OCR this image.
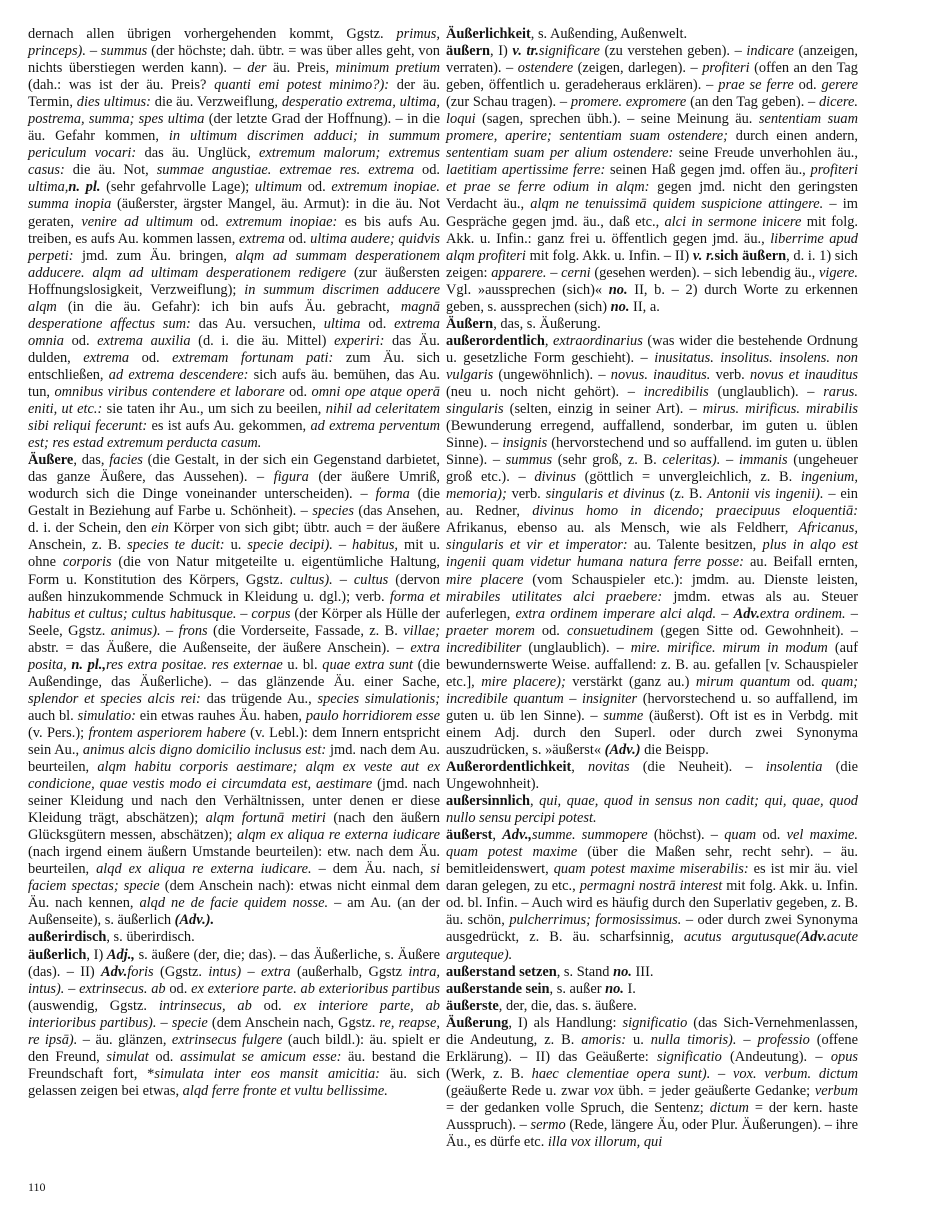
dernach allen übrigen vorhergehenden kommt, Ggstz. primus, princeps). – summus (der höchste; dah. übtr. = was über alles geht, von nichts überstiegen werden kann). – der äu. Preis, minimum pretium (dah.: was ist der äu. Preis? quanti emi potest minimo?): der äu. Termin, dies ultimus: die äu. Verzweiflung, desperatio extrema, ultima, postrema, summa; spes ultima (der letzte Grad der Hoffnung). – in die äu. Gefahr kommen, in ultimum discrimen adduci; in summum periculum vocari: das äu. Unglück, extremum malorum; extremus casus: die äu. Not, summae angustiae. extremae res. extrema od. ultima,n. pl. (sehr gefahrvolle Lage); ultimum od. extremum inopiae. summa inopia (äußerster, ärgster Mangel, äu. Armut): in die äu. Not geraten, venire ad ultimum od. extremum inopiae: es bis aufs Au. treiben, es aufs Au. kommen lassen, extrema od. ultima audere; quidvis perpeti: jmd. zum Äu. bringen, alqm ad summam desperationem adducere. alqm ad ultimam desperationem redigere (zur äußersten Hoffnungslosigkeit, Verzweiflung); in summum discrimen adducere alqm (in die äu. Gefahr): ich bin aufs Äu. gebracht, magnā desperatione affectus sum: das Au. versuchen, ultima od. extrema omnia od. extrema auxilia (d. i. die äu. Mittel) experiri: das Äu. dulden, extrema od. extremam fortunam pati: zum Äu. sich entschließen, ad extrema descendere: sich aufs äu. bemühen, das Au. tun, omnibus viribus contendere et laborare od. omni ope atque operā eniti, ut etc.: sie taten ihr Au., um sich zu beeilen, nihil ad celeritatem sibi reliqui fecerunt: es ist aufs Au. gekommen, ad extrema perventum est; res estad extremum perducta casum.

Äußere, das, facies (die Gestalt, in der sich ein Gegenstand darbietet, das ganze Äußere, das Aussehen). – figura (der äußere Umriß, wodurch sich die Dinge voneinander unterscheiden). – forma (die Gestalt in Beziehung auf Farbe u. Schönheit). – species (das Ansehen, d. i. der Schein, den ein Körper von sich gibt; übtr. auch = der äußere Anschein, z. B. species te ducit: u. specie decipi). – habitus, mit u. ohne corporis (die von Natur mitgeteilte u. eigentümliche Haltung, Form u. Konstitution des Körpers, Ggstz. cultus). – cultus (dervon außen hinzukommende Schmuck in Kleidung u. dgl.); verb. forma et habitus et cultus; cultus habitusque. – corpus (der Körper als Hülle der Seele, Ggstz. animus). – frons (die Vorderseite, Fassade, z. B. villae; abstr. = das Äußere, die Außenseite, der äußere Anschein). – extra posita, n. pl.,res extra positae. res externae u. bl. quae extra sunt (die Außendinge, das Äußerliche). – das glänzende Äu. einer Sache, splendor et species alcis rei: das trügende Au., species simulationis; auch bl. simulatio: ein etwas rauhes Äu. haben, paulo horridiorem esse (v. Pers.); frontem asperiorem habere (v. Lebl.): dem Innern entspricht sein Au., animus alcis digno domicilio inclusus est: jmd. nach dem Au. beurteilen, alqm habitu corporis aestimare; alqm ex veste aut ex condicione, quae vestis modo ei circumdata est, aestimare (jmd. nach seiner Kleidung und nach den Verhältnissen, unter denen er diese Kleidung trägt, abschätzen); alqm fortunā metiri (nach den äußern Glücksgütern messen, abschätzen); alqm ex aliqua re externa iudicare (nach irgend einem äußern Umstande beurteilen): etw. nach dem Äu. beurteilen, alqd ex aliqua re externa iudicare. – dem Äu. nach, si faciem spectas; specie (dem Anschein nach): etwas nicht einmal dem Äu. nach kennen, alqd ne de facie quidem nosse. – am Au. (an der Außenseite), s. äußerlich (Adv.).

außerirdisch, s. überirdisch.

äußerlich, I) Adj., s. äußere (der, die; das). – das Äußerliche, s. Äußere (das). – II) Adv.foris (Ggstz. intus) – extra (außerhalb, Ggstz intra, intus). – extrinsecus. ab od. ex exteriore parte. ab exterioribus partibus (auswendig, Ggstz. intrinsecus, ab od. ex interiore parte, ab interioribus partibus). – specie (dem Anschein nach, Ggstz. re, reapse, re ipsā). – äu. glänzen, extrinsecus fulgere (auch bildl.): äu. spielt er den Freund, simulat od. assimulat se amicum esse: äu. bestand die Freundschaft fort, *simulata inter eos mansit amicitia: äu. sich gelassen zeigen bei etwas, alqd ferre fronte et vultu bellissime.

Äußerlichkeit, s. Außending, Außenwelt.

äußern, I) v. tr.significare (zu verstehen geben). – indicare (anzeigen, verraten). – ostendere (zeigen, darlegen). – profiteri (offen an den Tag geben, öffentlich u. geradeheraus erklären). – prae se ferre od. gerere (zur Schau tragen). – promere. expromere (an den Tag geben). – dicere. loqui (sagen, sprechen übh.). – seine Meinung äu. sententiam suam promere, aperire; sententiam suam ostendere; durch einen andern, sententiam suam per alium ostendere: seine Freude unverhohlen äu., laetitiam apertissime ferre: seinen Haß gegen jmd. offen äu., profiteri et prae se ferre odium in alqm: gegen jmd. nicht den geringsten Verdacht äu., alqm ne tenuissimā quidem suspicione attingere. – im Gespräche gegen jmd. äu., daß etc., alci in sermone inicere mit folg. Akk. u. Infin.: ganz frei u. öffentlich gegen jmd. äu., liberrime apud alqm profiteri mit folg. Akk. u. Infin. – II) v. r.sich äußern, d. i. 1) sich zeigen: apparere. – cerni (gesehen werden). – sich lebendig äu., vigere. Vgl. »aussprechen (sich)« no. II, b. – 2) durch Worte zu erkennen geben, s. aussprechen (sich) no. II, a.

Äußern, das, s. Äußerung.

außerordentlich, extraordinarius (was wider die bestehende Ordnung u. gesetzliche Form geschieht). – inusitatus. insolitus. insolens. non vulgaris (ungewöhnlich). – novus. inauditus. verb. novus et inauditus (neu u. noch nicht gehört). – incredibilis (unglaublich). – rarus. singularis (selten, einzig in seiner Art). – mirus. mirificus. mirabilis (Bewunderung erregend, auffallend, sonderbar, im guten u. üblen Sinne). – insignis (hervorstechend und so auffallend. im guten u. üblen Sinne). – summus (sehr groß, z. B. celeritas). – immanis (ungeheuer groß etc.). – divinus (göttlich = unvergleichlich, z. B. ingenium, memoria); verb. singularis et divinus (z. B. Antonii vis ingenii). – ein au. Redner, divinus homo in dicendo; praecipuus eloquentiā: Afrikanus, ebenso au. als Mensch, wie als Feldherr, Africanus, singularis et vir et imperator: au. Talente besitzen, plus in alqo est ingenii quam videtur humana natura ferre posse: au. Beifall ernten, mire placere (vom Schauspieler etc.): jmdm. au. Dienste leisten, mirabiles utilitates alci praebere: jmdm. etwas als au. Steuer auferlegen, extra ordinem imperare alci alqd. – Adv.extra ordinem. – praeter morem od. consuetudinem (gegen Sitte od. Gewohnheit). – incredibiliter (unglaublich). – mire. mirifice. mirum in modum (auf bewundernswerte Weise. auffallend: z. B. au. gefallen [v. Schauspieler etc.], mire placere); verstärkt (ganz au.) mirum quantum od. quam; incredibile quantum – insigniter (hervorstechend u. so auffallend, im guten u. üb len Sinne). – summe (äußerst). Oft ist es in Verbdg. mit einem Adj. durch den Superl. oder durch zwei Synonyma auszudrücken, s. »äußerst« (Adv.) die Beispp.

Außerordentlichkeit, novitas (die Neuheit). – insolentia (die Ungewohnheit).

außersinnlich, qui, quae, quod in sensus non cadit; qui, quae, quod nullo sensu percipi potest.

äußerst, Adv.,summe. summopere (höchst). – quam od. vel maxime. quam potest maxime (über die Maßen sehr, recht sehr). – äu. bemitleidenswert, quam potest maxime miserabilis: es ist mir äu. viel daran gelegen, zu etc., permagni nostrā interest mit folg. Akk. u. Infin. od. bl. Infin. – Auch wird es häufig durch den Superlativ gegeben, z. B. äu. schön, pulcherrimus; formosissimus. – oder durch zwei Synonyma ausgedrückt, z. B. äu. scharfsinnig, acutus argutusque(Adv.acute arguteque).

außerstand setzen, s. Stand no. III.

außerstande sein, s. außer no. I.

äußerste, der, die, das. s. äußere.

Äußerung, I) als Handlung: significatio (das Sich-Vernehmenlassen, die Andeutung, z. B. amoris: u. nulla timoris). – professio (offene Erklärung). – II) das Geäußerte: significatio (Andeutung). – opus (Werk, z. B. haec clementiae opera sunt). – vox. verbum. dictum (geäußerte Rede u. zwar vox übh. = jeder geäußerte Gedanke; verbum = der gedanken volle Spruch, die Sentenz; dictum = der kern. haste Ausspruch). – sermo (Rede, längere Äu, oder Plur. Äußerungen). – ihre Äu., es dürfe etc. illa vox illorum, qui

110
